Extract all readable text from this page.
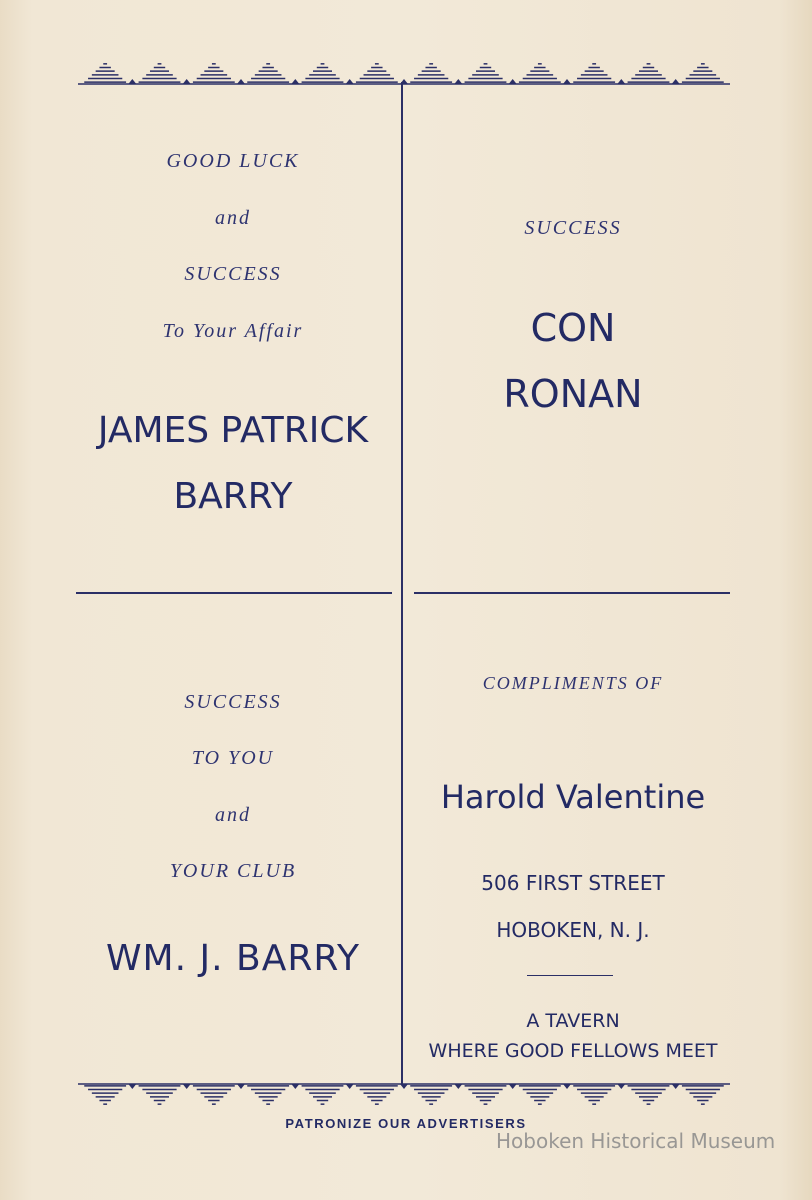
GOOD LUCK
and
SUCCESS
To Your Affair
JAMES PATRICK
BARRY
SUCCESS
CON
RONAN
SUCCESS
TO YOU
and
YOUR CLUB
WM. J. BARRY
COMPLIMENTS OF
Harold Valentine
506 FIRST STREET
HOBOKEN, N. J.
A TAVERN
WHERE GOOD FELLOWS MEET
PATRONIZE OUR ADVERTISERS
Hoboken Historical Museum
